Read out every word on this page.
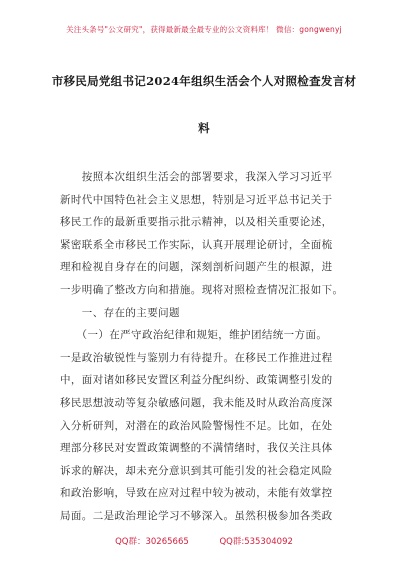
关注头条号"公文研究"，获得最新最全最专业的公文资料库！ 微信：gongwenyj
市移民局党组书记2024年组织生活会个人对照检查发言材
料
　　按照本次组织生活会的部署要求，我深入学习习近平
新时代中国特色社会主义思想，特别是习近平总书记关于
移民工作的最新重要指示批示精神，以及相关重要论述，
紧密联系全市移民工作实际，认真开展理论研讨，全面梳
理和检视自身存在的问题，深刻剖析问题产生的根源，进
一步明确了整改方向和措施。现将对照检查情况汇报如下。
　　一、存在的主要问题
　　（一）在严守政治纪律和规矩，维护团结统一方面。
一是政治敏锐性与鉴别力有待提升。在移民工作推进过程
中，面对诸如移民安置区利益分配纠纷、政策调整引发的
移民思想波动等复杂敏感问题，我未能及时从政治高度深
入分析研判，对潜在的政治风险警惕性不足。比如，在处
理部分移民对安置政策调整的不满情绪时，我仅关注具体
诉求的解决，却未充分意识到其可能引发的社会稳定风险
和政治影响，导致在应对过程中较为被动，未能有效掌控
局面。二是政治理论学习不够深入。虽然积极参加各类政
QQ群：30265665	QQ群:535304092
